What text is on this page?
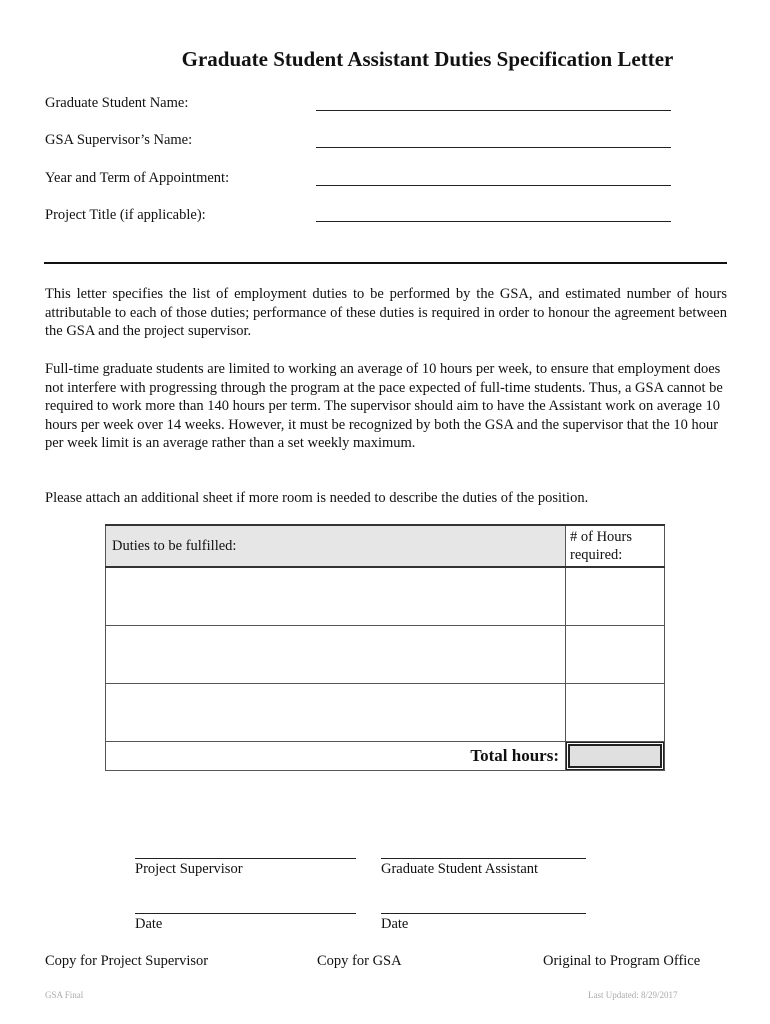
Graduate Student Assistant Duties Specification Letter
Graduate Student Name:
GSA Supervisor’s Name:
Year and Term of Appointment:
Project Title (if applicable):
This letter specifies the list of employment duties to be performed by the GSA, and estimated number of hours attributable to each of those duties; performance of these duties is required in order to honour the agreement between the GSA and the project supervisor.
Full-time graduate students are limited to working an average of 10 hours per week, to ensure that employment does not interfere with progressing through the program at the pace expected of full-time students. Thus, a GSA cannot be required to work more than 140 hours per term. The supervisor should aim to have the Assistant work on average 10 hours per week over 14 weeks. However, it must be recognized by both the GSA and the supervisor that the 10 hour per week limit is an average rather than a set weekly maximum.
Please attach an additional sheet if more room is needed to describe the duties of the position.
Duties to be fulfilled:	# of Hours required:

Total hours:	
Project Supervisor	Graduate Student Assistant
Date	Date
Copy for Project Supervisor	Copy for GSA	Original to Program Office
GSA Final	Last Updated: 8/29/2017
